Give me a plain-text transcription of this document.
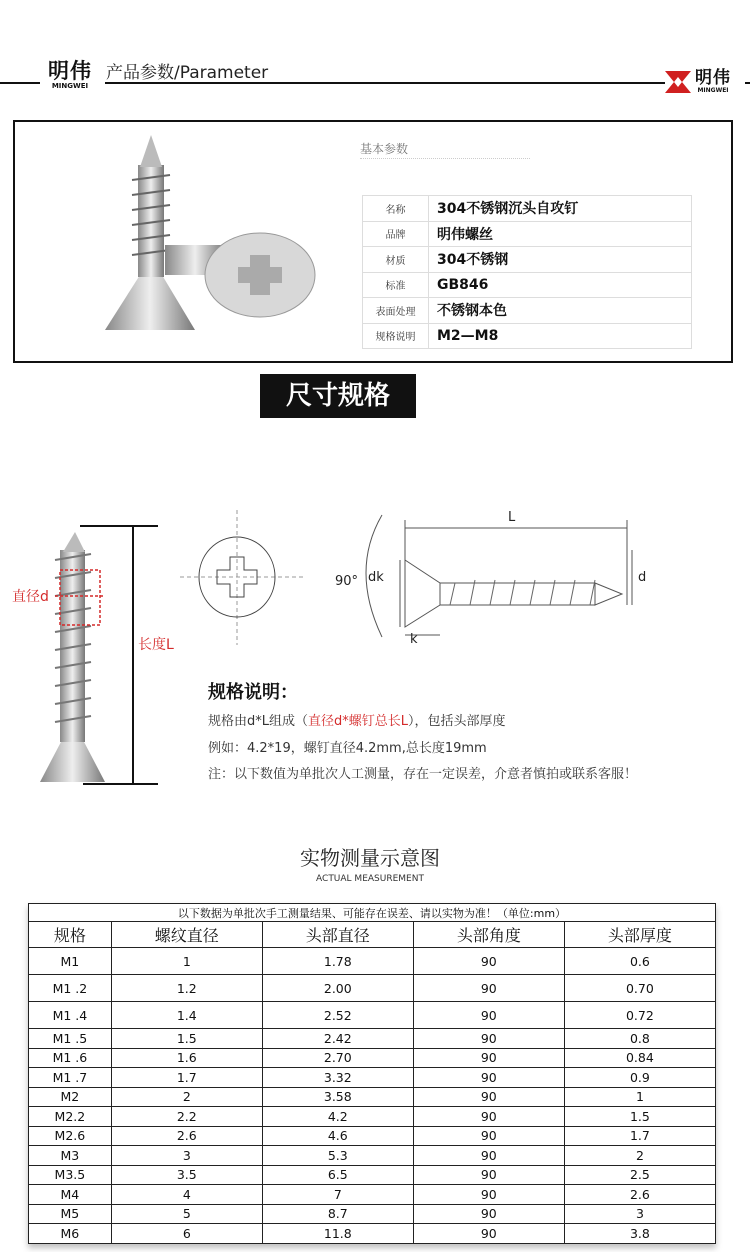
明伟
MINGWEI
产品参数/Parameter	明伟
MINGWEI
基本参数
名称	304不锈钢沉头自攻钉
品牌	明伟螺丝
材质	304不锈钢
标准	GB846
表面处理	不锈钢本色
规格说明	M2—M8
尺寸规格
直径d
长度L
90° dk
L
d
k
规格说明：
规格由d*L组成（直径d*螺钉总长L），包括头部厚度
例如：4.2*19，螺钉直径4.2mm,总长度19mm
注：以下数值为单批次人工测量，存在一定误差，介意者慎拍或联系客服！
实物测量示意图
ACTUAL MEASUREMENT
以下数据为单批次手工测量结果、可能存在误差、请以实物为准！（单位:mm）				
规格	螺纹直径	头部直径	头部角度	头部厚度
M1	1	1.78	90	0.6
M1 .2	1.2	2.00	90	0.70
M1 .4	1.4	2.52	90	0.72
M1 .5	1.5	2.42	90	0.8
M1 .6	1.6	2.70	90	0.84
M1 .7	1.7	3.32	90	0.9
M2	2	3.58	90	1
M2.2	2.2	4.2	90	1.5
M2.6	2.6	4.6	90	1.7
M3	3	5.3	90	2
M3.5	3.5	6.5	90	2.5
M4	4	7	90	2.6
M5	5	8.7	90	3
M6	6	11.8	90	3.8
